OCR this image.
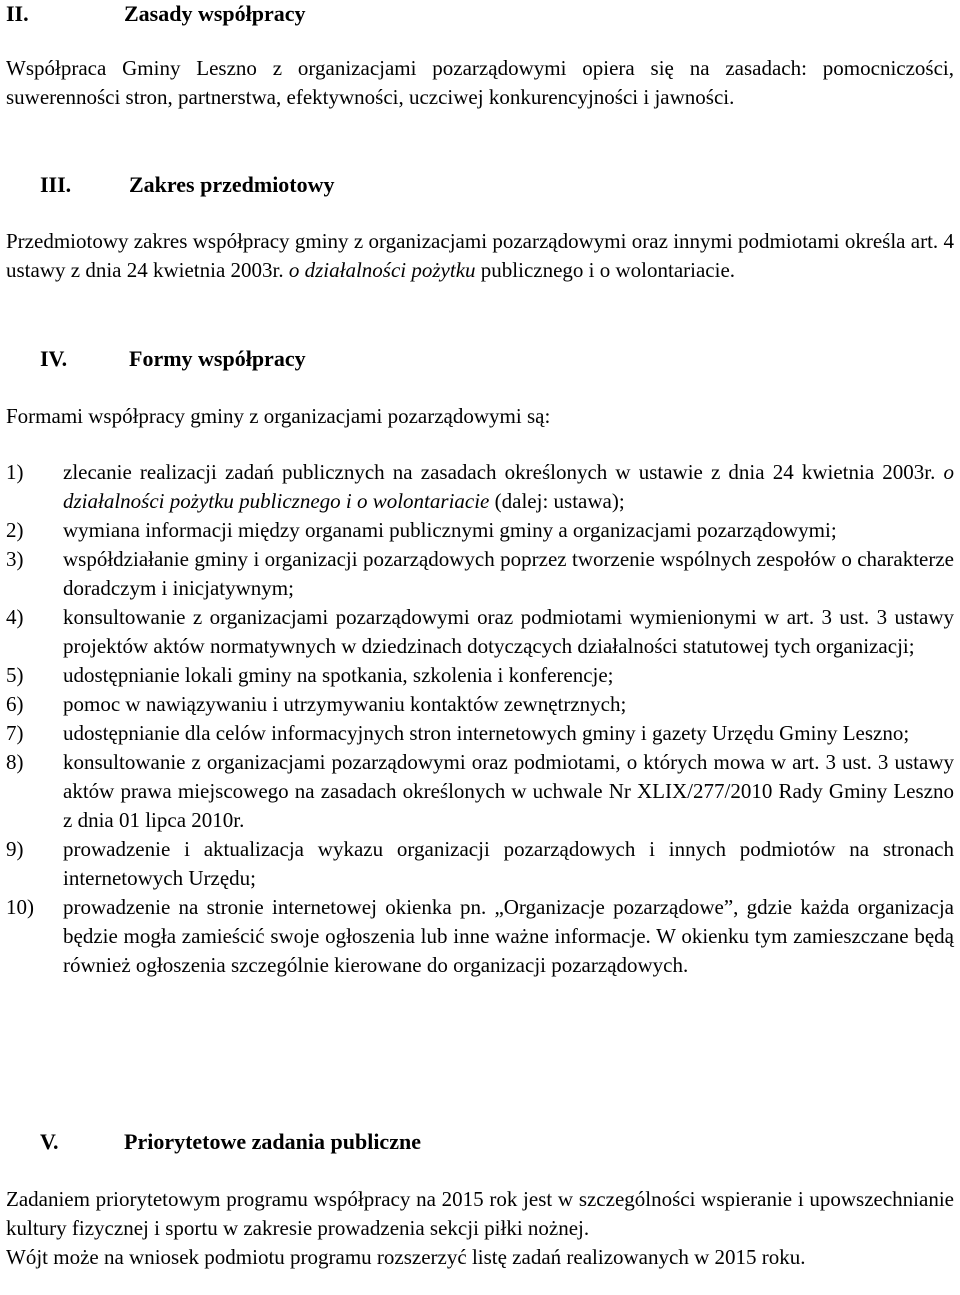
II.	Zasady współpracy
Współpraca Gminy Leszno z organizacjami pozarządowymi opiera się na zasadach: pomocniczości, suwerenności stron, partnerstwa, efektywności, uczciwej konkurencyjności i jawności.
III.	Zakres przedmiotowy
Przedmiotowy zakres współpracy gminy z organizacjami pozarządowymi oraz innymi podmiotami określa art. 4 ustawy z dnia 24 kwietnia 2003r. o działalności pożytku publicznego i o wolontariacie.
IV.	Formy współpracy
Formami współpracy gminy z organizacjami pozarządowymi są:
1) zlecanie realizacji zadań publicznych na zasadach określonych w ustawie z dnia 24 kwietnia 2003r. o działalności pożytku publicznego i o wolontariacie (dalej: ustawa);
2) wymiana informacji między organami publicznymi gminy a organizacjami pozarządowymi;
3) współdziałanie gminy i organizacji pozarządowych poprzez tworzenie wspólnych zespołów o charakterze doradczym i inicjatywnym;
4) konsultowanie z organizacjami pozarządowymi oraz podmiotami wymienionymi w art. 3 ust. 3 ustawy projektów aktów normatywnych w dziedzinach dotyczących działalności statutowej tych organizacji;
5) udostępnianie lokali gminy na spotkania, szkolenia i konferencje;
6) pomoc w nawiązywaniu i utrzymywaniu kontaktów zewnętrznych;
7) udostępnianie dla celów informacyjnych stron internetowych gminy i gazety Urzędu Gminy Leszno;
8) konsultowanie z organizacjami pozarządowymi oraz podmiotami, o których mowa w art. 3 ust. 3 ustawy aktów prawa miejscowego na zasadach określonych w uchwale Nr XLIX/277/2010 Rady Gminy Leszno z dnia 01 lipca 2010r.
9) prowadzenie i aktualizacja wykazu organizacji pozarządowych i innych podmiotów na stronach internetowych Urzędu;
10) prowadzenie na stronie internetowej okienka pn. „Organizacje pozarządowe”, gdzie każda organizacja będzie mogła zamieścić swoje ogłoszenia lub inne ważne informacje. W okienku tym zamieszczane będą również ogłoszenia szczególnie kierowane do organizacji pozarządowych.
V.	Priorytetowe zadania publiczne
Zadaniem priorytetowym programu współpracy na 2015 rok jest w szczególności wspieranie i upowszechnianie kultury fizycznej i sportu w zakresie prowadzenia sekcji piłki nożnej.
Wójt może na wniosek podmiotu programu rozszerzyć listę zadań realizowanych w 2015 roku.
